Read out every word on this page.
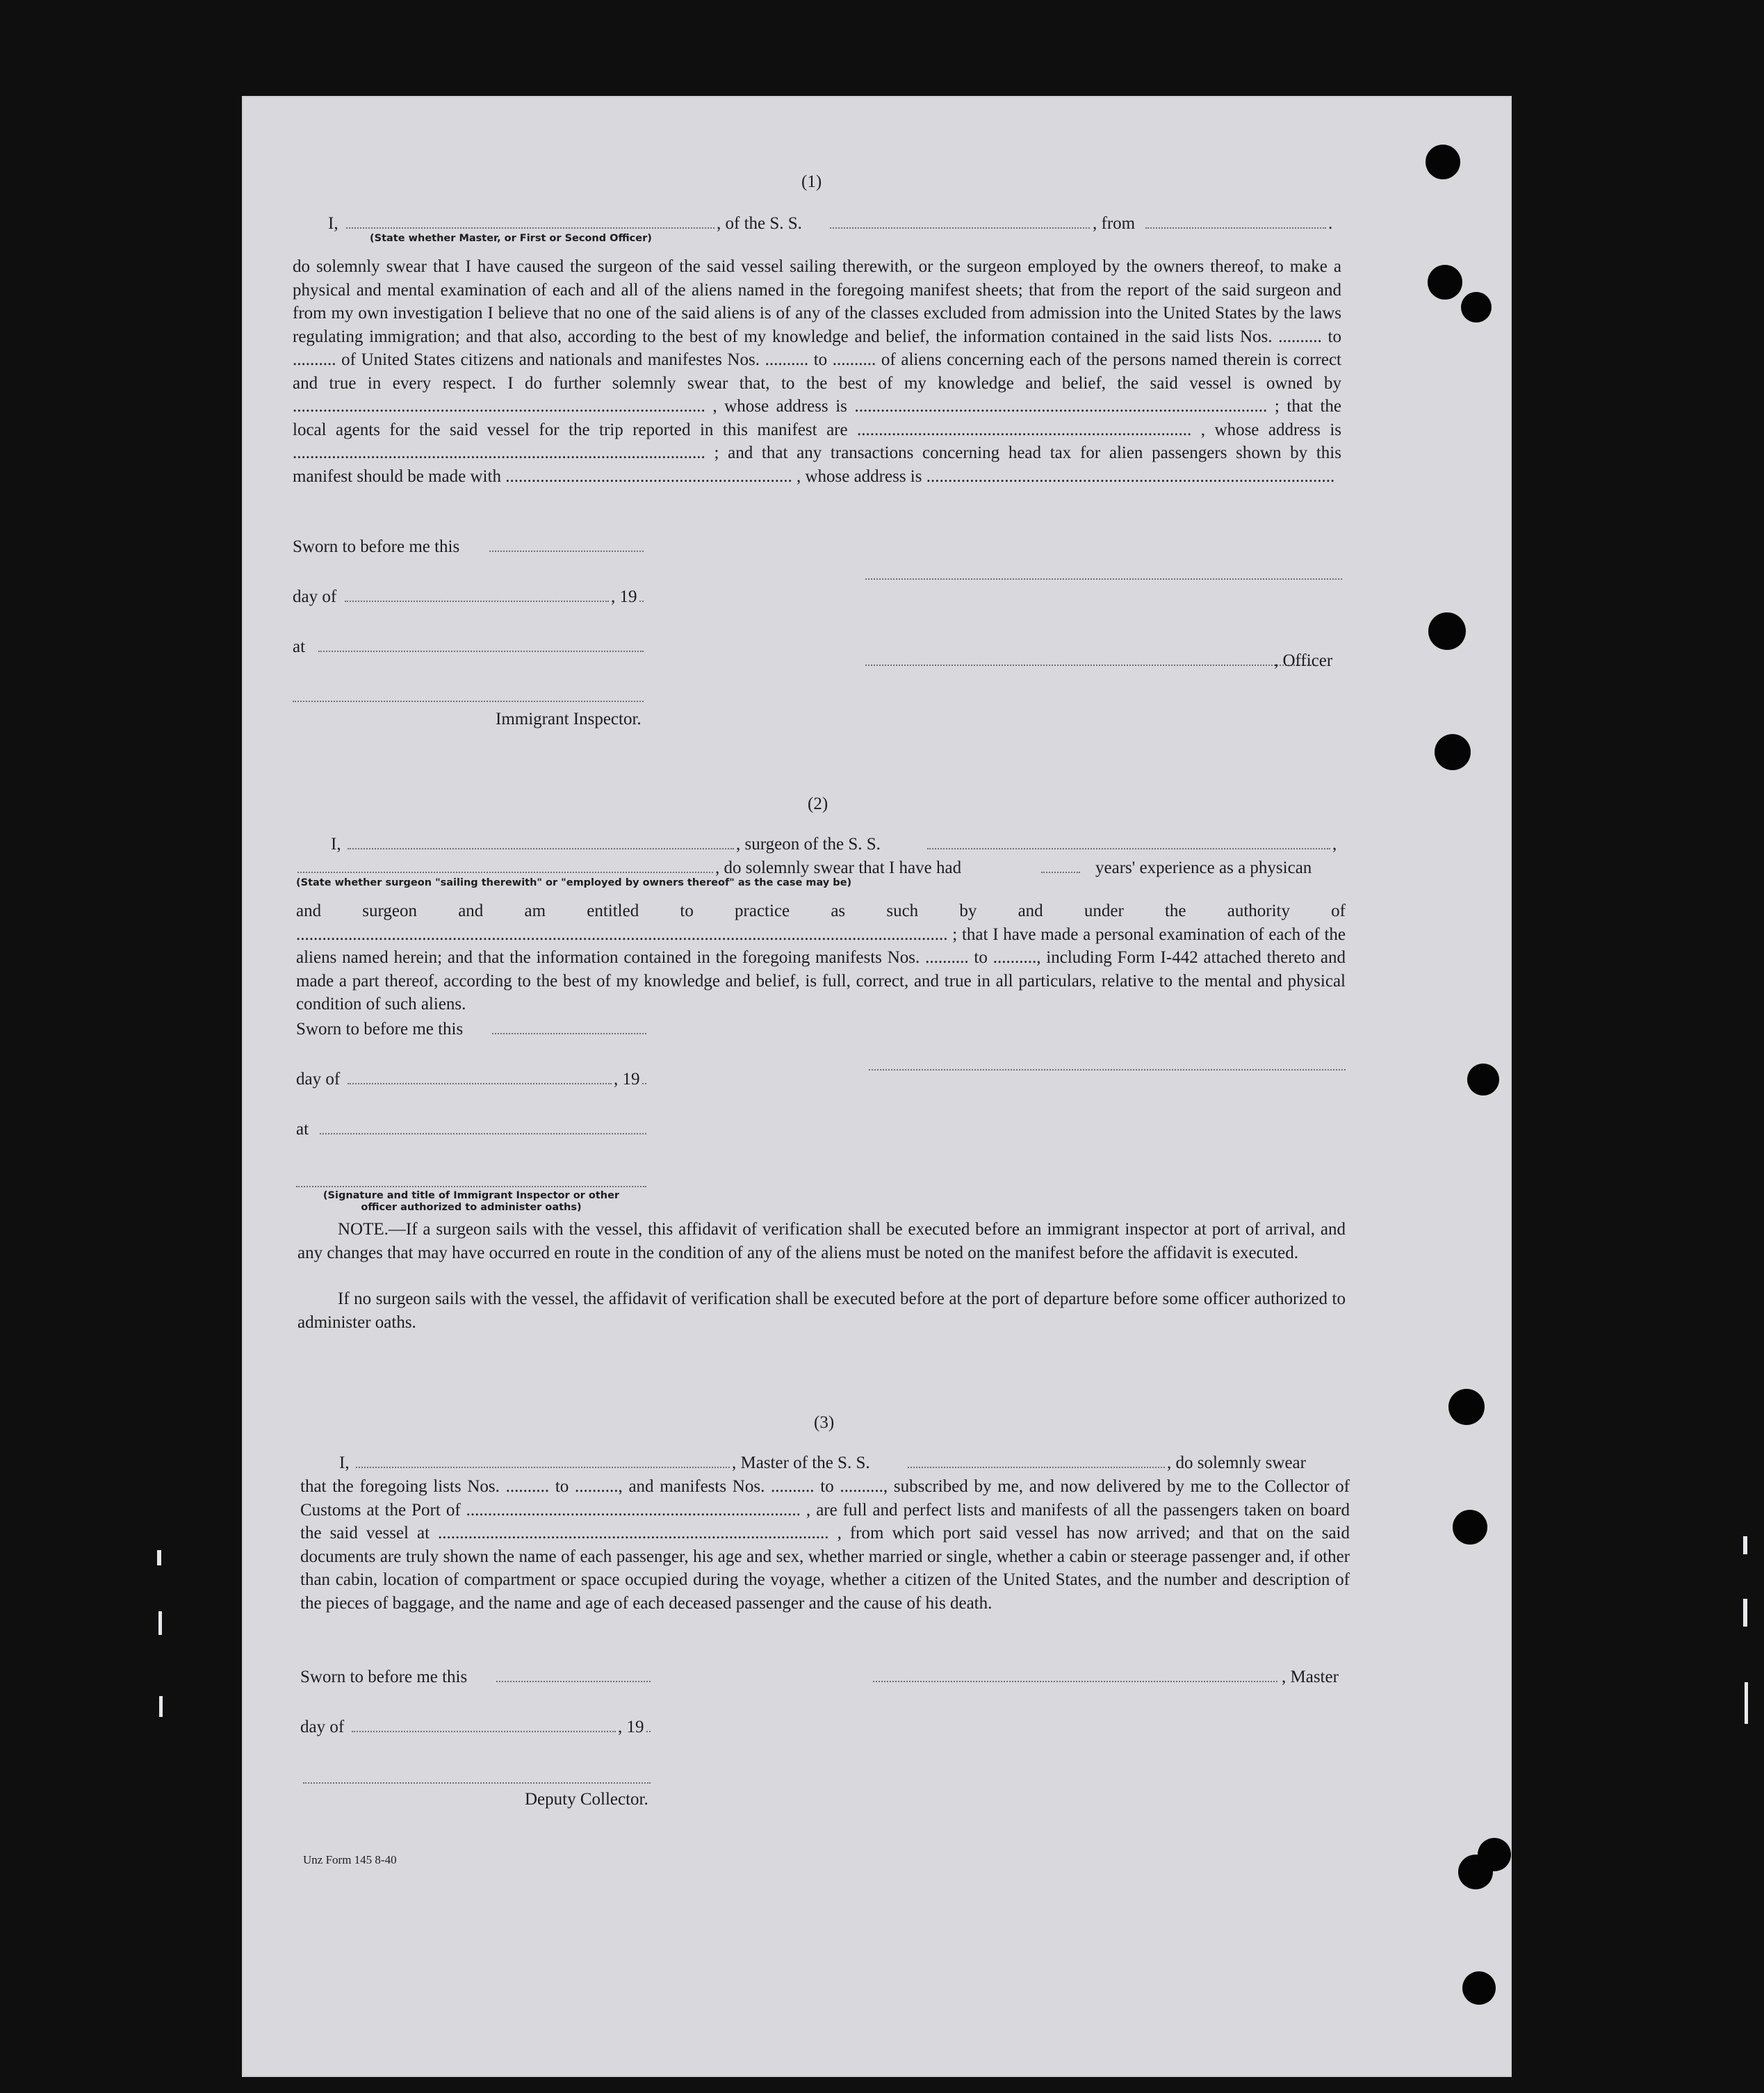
(1)
I,	, of the S. S.	, from	.
(State whether Master, or First or Second Officer)
do solemnly swear that I have caused the surgeon of the said vessel sailing therewith, or the surgeon employed by the owners thereof, to make a physical and mental examination of each and all of the aliens named in the foregoing manifest sheets; that from the report of the said surgeon and from my own investigation I believe that no one of the said aliens is of any of the classes excluded from admission into the United States by the laws regulating immigration; and that also, according to the best of my knowledge and belief, the information contained in the said lists Nos. .......... to .......... of United States citizens and nationals and manifestes Nos. .......... to .......... of aliens concerning each of the persons named therein is correct and true in every respect. I do further solemnly swear that, to the best of my knowledge and belief, the said vessel is owned by ............................................................................................... , whose address is ............................................................................................... ; that the local agents for the said vessel for the trip reported in this manifest are ............................................................................. , whose address is ............................................................................................... ; and that any transactions concerning head tax for alien passengers shown by this manifest should be made with .................................................................. , whose address is ..............................................................................................
Sworn to before me this
day of	, 19
at
, Officer
Immigrant Inspector.
(2)
I,	, surgeon of the S. S.	,
, do solemnly swear that I have had	years' experience as a physican
(State whether surgeon "sailing therewith" or "employed by owners thereof" as the case may be)
and surgeon and am entitled to practice as such by and under the authority of ...................................................................................................................................................... ; that I have made a personal examination of each of the aliens named herein; and that the information contained in the foregoing manifests Nos. .......... to .........., including Form I-442 attached thereto and made a part thereof, according to the best of my knowledge and belief, is full, correct, and true in all particulars, relative to the mental and physical condition of such aliens.
Sworn to before me this
day of	, 19
at
(Signature and title of Immigrant Inspector or other
officer authorized to administer oaths)
NOTE.—If a surgeon sails with the vessel, this affidavit of verification shall be executed before an immigrant inspector at port of arrival, and any changes that may have occurred en route in the condition of any of the aliens must be noted on the manifest before the affidavit is executed.
If no surgeon sails with the vessel, the affidavit of verification shall be executed before at the port of departure before some officer authorized to administer oaths.
(3)
I,	, Master of the S. S.	, do solemnly swear
that the foregoing lists Nos. .......... to .........., and manifests Nos. .......... to .........., subscribed by me, and now delivered by me to the Collector of Customs at the Port of ............................................................................. , are full and perfect lists and manifests of all the passengers taken on board the said vessel at .......................................................................................... , from which port said vessel has now arrived; and that on the said documents are truly shown the name of each passenger, his age and sex, whether married or single, whether a cabin or steerage passenger and, if other than cabin, location of compartment or space occupied during the voyage, whether a citizen of the United States, and the number and description of the pieces of baggage, and the name and age of each deceased passenger and the cause of his death.
Sworn to before me this	, Master
day of	, 19
Deputy Collector.
Unz Form 145 8-40
